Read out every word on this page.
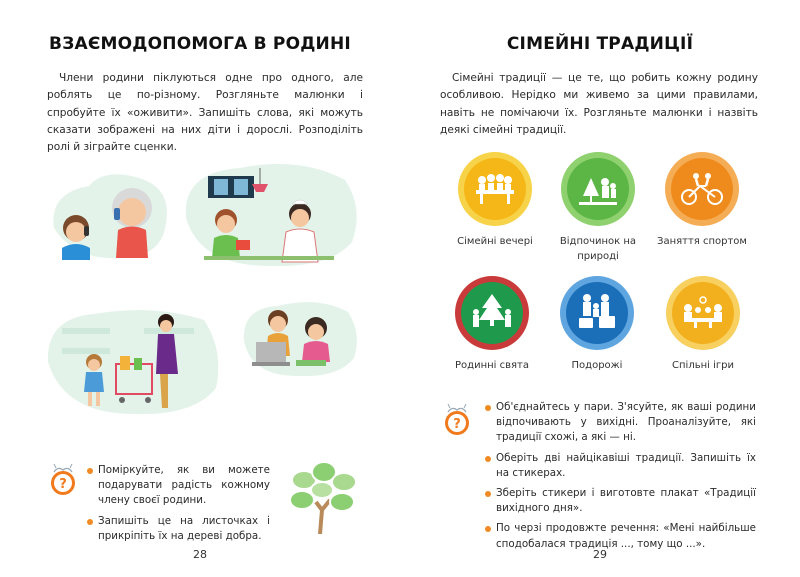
ВЗАЄМОДОПОМОГА В РОДИНІ
Члени родини піклуються одне про одного, але роблять це по-різному. Розгляньте малюнки і спробуйте їх «оживити». Запишіть слова, які можуть сказати зображені на них діти і дорослі. Розподіліть ролі й зіграйте сценки.
?
Поміркуйте, як ви можете подарувати радість кожному члену своєї родини.
Запишіть це на листочках і прикріпіть їх на дереві добра.
28
СІМЕЙНІ ТРАДИЦІЇ
Сімейні традиції — це те, що робить кожну родину особливою. Нерідко ми живемо за цими правилами, навіть не помічаючи їх. Розгляньте малюнки і назвіть деякі сімейні традиції.
Сімейні вечері	Відпочинок на природі
Заняття спортом
Родинні свята	Подорожі	Спільні ігри
?
Об'єднайтесь у пари. З'ясуйте, як ваші родини відпочивають у вихідні. Проаналізуйте, які традиції схожі, а які — ні.
Оберіть дві найцікавіші традиції. Запишіть їх на стикерах.
Зберіть стикери і виготовте плакат «Традиції вихідного дня».
По черзі продовжте речення: «Мені найбільше сподобалася традиція ..., тому що ...».
29
